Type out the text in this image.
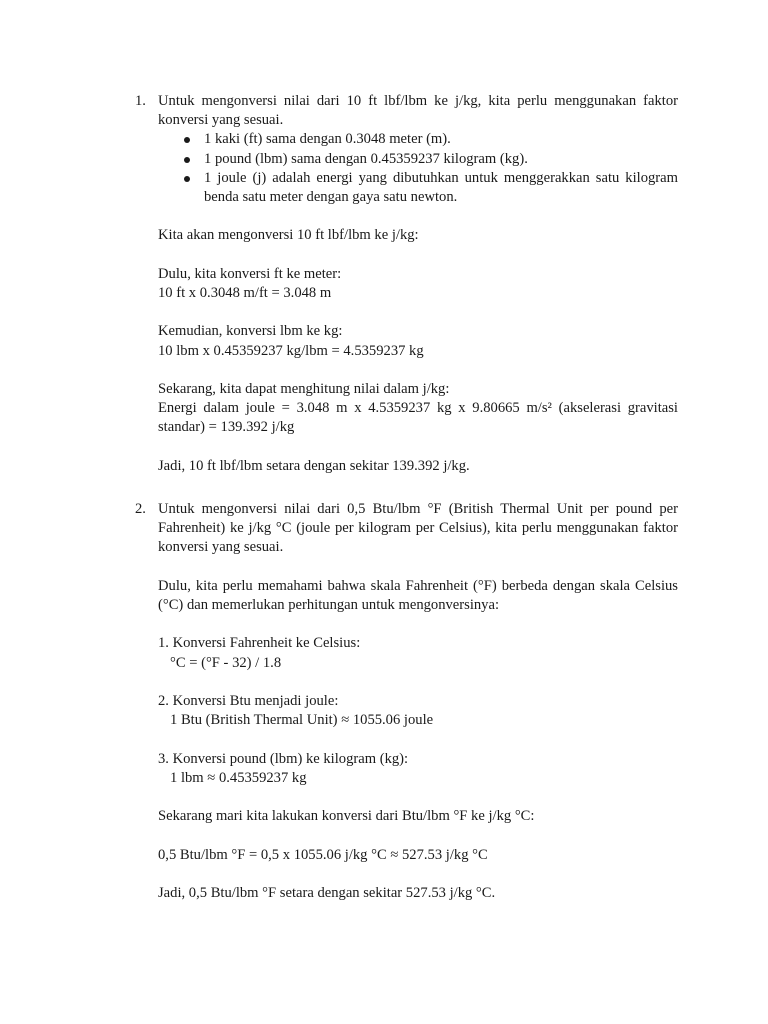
1. Untuk mengonversi nilai dari 10 ft lbf/lbm ke j/kg, kita perlu menggunakan faktor konversi yang sesuai.
1 kaki (ft) sama dengan 0.3048 meter (m).
1 pound (lbm) sama dengan 0.45359237 kilogram (kg).
1 joule (j) adalah energi yang dibutuhkan untuk menggerakkan satu kilogram benda satu meter dengan gaya satu newton.
Kita akan mengonversi 10 ft lbf/lbm ke j/kg:
Dulu, kita konversi ft ke meter:
10 ft x 0.3048 m/ft = 3.048 m
Kemudian, konversi lbm ke kg:
10 lbm x 0.45359237 kg/lbm = 4.5359237 kg
Sekarang, kita dapat menghitung nilai dalam j/kg:
Energi dalam joule = 3.048 m x 4.5359237 kg x 9.80665 m/s² (akselerasi gravitasi standar) = 139.392 j/kg
Jadi, 10 ft lbf/lbm setara dengan sekitar 139.392 j/kg.
2. Untuk mengonversi nilai dari 0,5 Btu/lbm °F (British Thermal Unit per pound per Fahrenheit) ke j/kg °C (joule per kilogram per Celsius), kita perlu menggunakan faktor konversi yang sesuai.
Dulu, kita perlu memahami bahwa skala Fahrenheit (°F) berbeda dengan skala Celsius (°C) dan memerlukan perhitungan untuk mengonversinya:
1. Konversi Fahrenheit ke Celsius:
°C = (°F - 32) / 1.8
2. Konversi Btu menjadi joule:
1 Btu (British Thermal Unit) ≈ 1055.06 joule
3. Konversi pound (lbm) ke kilogram (kg):
1 lbm ≈ 0.45359237 kg
Sekarang mari kita lakukan konversi dari Btu/lbm °F ke j/kg °C:
0,5 Btu/lbm °F = 0,5 x 1055.06 j/kg °C ≈ 527.53 j/kg °C
Jadi, 0,5 Btu/lbm °F setara dengan sekitar 527.53 j/kg °C.
